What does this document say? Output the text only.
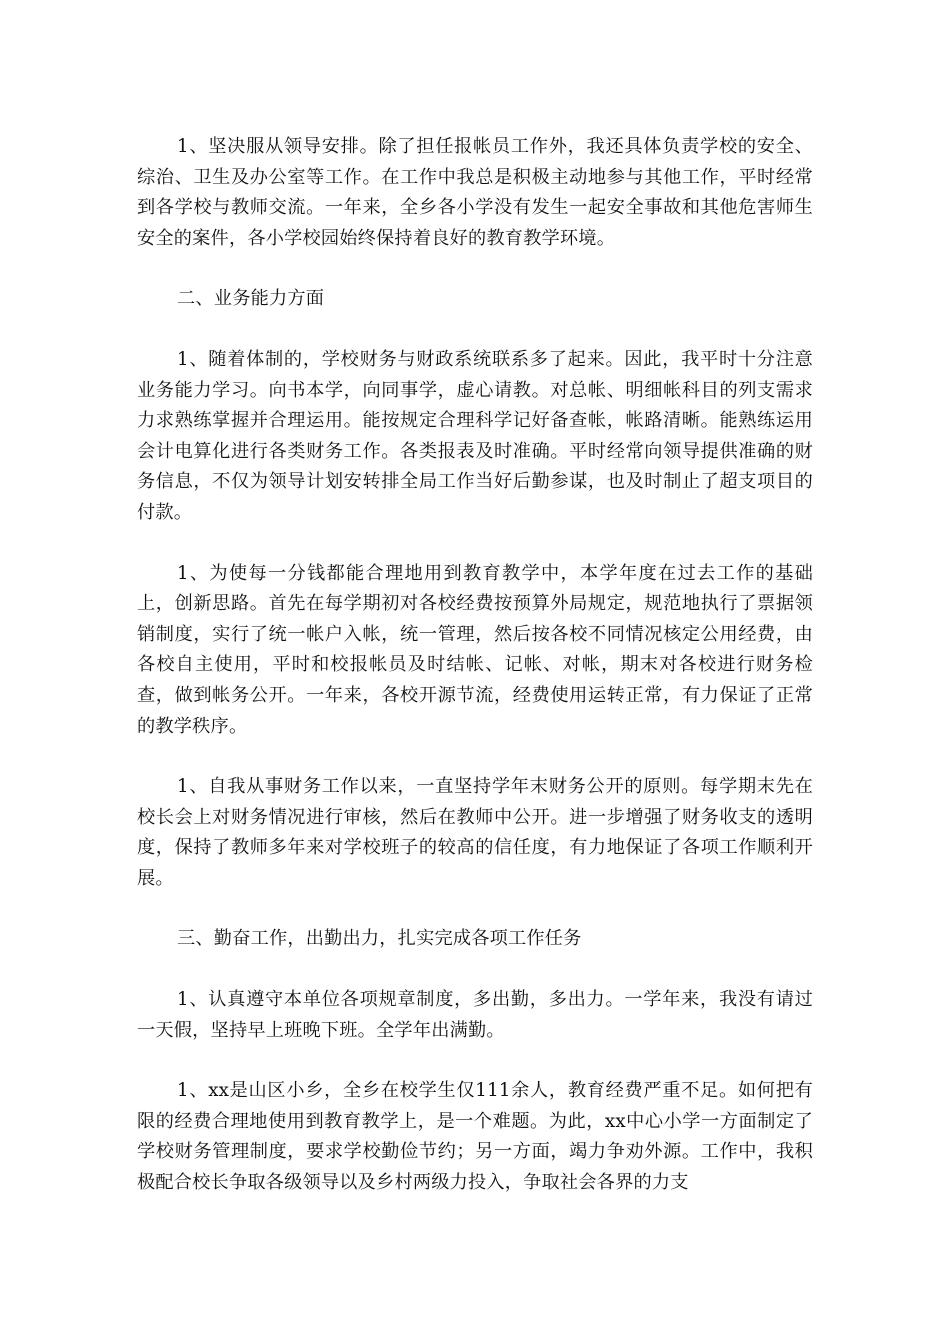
1、坚决服从领导安排。除了担任报帐员工作外，我还具体负责学校的安全、综治、卫生及办公室等工作。在工作中我总是积极主动地参与其他工作，平时经常到各学校与教师交流。一年来，全乡各小学没有发生一起安全事故和其他危害师生安全的案件，各小学校园始终保持着良好的教育教学环境。

二、业务能力方面

1、随着体制的，学校财务与财政系统联系多了起来。因此，我平时十分注意业务能力学习。向书本学，向同事学，虚心请教。对总帐、明细帐科目的列支需求力求熟练掌握并合理运用。能按规定合理科学记好备查帐，帐路清晰。能熟练运用会计电算化进行各类财务工作。各类报表及时准确。平时经常向领导提供准确的财务信息，不仅为领导计划安转排全局工作当好后勤参谋，也及时制止了超支项目的付款。

1、为使每一分钱都能合理地用到教育教学中，本学年度在过去工作的基础上，创新思路。首先在每学期初对各校经费按预算外局规定，规范地执行了票据领销制度，实行了统一帐户入帐，统一管理，然后按各校不同情况核定公用经费，由各校自主使用，平时和校报帐员及时结帐、记帐、对帐，期末对各校进行财务检查，做到帐务公开。一年来，各校开源节流，经费使用运转正常，有力保证了正常的教学秩序。

1、自我从事财务工作以来，一直坚持学年末财务公开的原则。每学期末先在校长会上对财务情况进行审核，然后在教师中公开。进一步增强了财务收支的透明度，保持了教师多年来对学校班子的较高的信任度，有力地保证了各项工作顺利开展。

三、勤奋工作，出勤出力，扎实完成各项工作任务

1、认真遵守本单位各项规章制度，多出勤，多出力。一学年来，我没有请过一天假，坚持早上班晚下班。全学年出满勤。

1、xx是山区小乡，全乡在校学生仅111余人，教育经费严重不足。如何把有限的经费合理地使用到教育教学上，是一个难题。为此，xx中心小学一方面制定了学校财务管理制度，要求学校勤俭节约；另一方面，竭力争劝外源。工作中，我积极配合校长争取各级领导以及乡村两级力投入，争取社会各界的力支
